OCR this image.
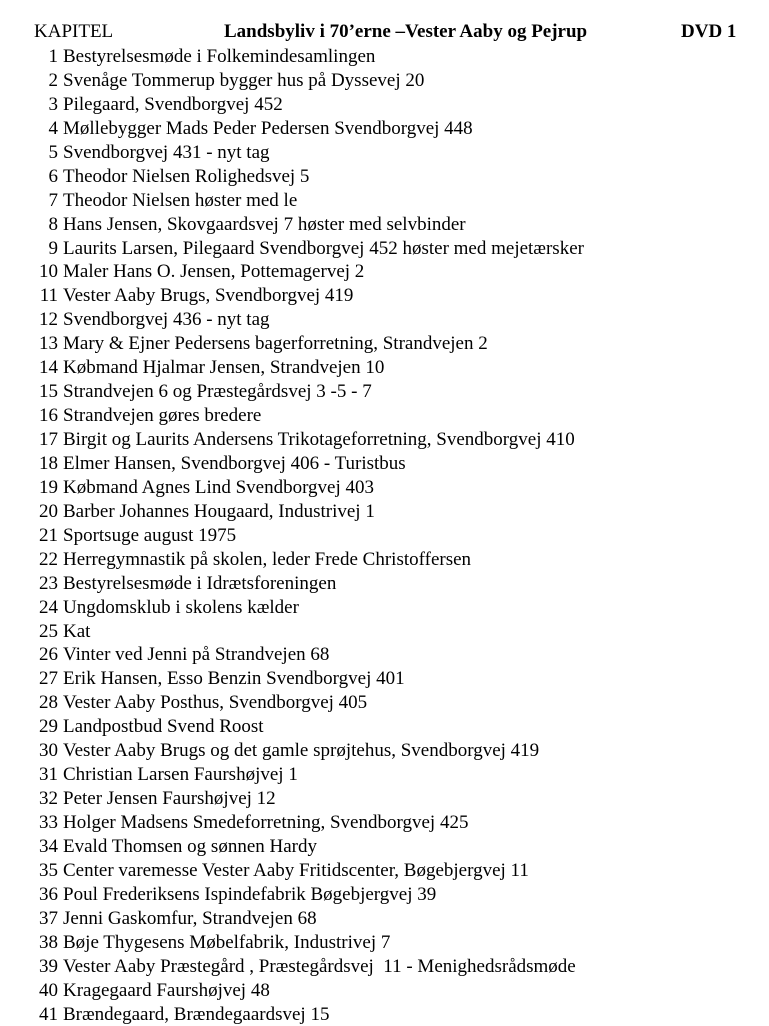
KAPITEL	Landsbyliv i 70’erne –Vester Aaby og Pejrup	DVD 1
1 Bestyrelsesmøde i Folkemindesamlingen
2 Svenåge Tommerup bygger hus på Dyssevej 20
3 Pilegaard, Svendborgvej 452
4 Møllebygger Mads Peder Pedersen Svendborgvej 448
5 Svendborgvej 431 - nyt tag
6 Theodor Nielsen Rolighedsvej 5
7 Theodor Nielsen høster med le
8 Hans Jensen, Skovgaardsvej 7 høster med selvbinder
9 Laurits Larsen, Pilegaard Svendborgvej 452 høster med mejetærsker
10 Maler Hans O. Jensen, Pottemagervej 2
11 Vester Aaby Brugs, Svendborgvej 419
12 Svendborgvej 436 - nyt tag
13 Mary & Ejner Pedersens bagerforretning, Strandvejen 2
14 Købmand Hjalmar Jensen, Strandvejen 10
15 Strandvejen 6 og Præstegårdsvej 3 -5 - 7
16 Strandvejen gøres bredere
17 Birgit og Laurits Andersens Trikotageforretning, Svendborgvej 410
18 Elmer Hansen, Svendborgvej 406 - Turistbus
19 Købmand Agnes Lind Svendborgvej 403
20 Barber Johannes Hougaard, Industrivej 1
21 Sportsuge august 1975
22 Herregymnastik på skolen, leder Frede Christoffersen
23 Bestyrelsesmøde i Idrætsforeningen
24 Ungdomsklub i skolens kælder
25 Kat
26 Vinter ved Jenni på Strandvejen 68
27 Erik Hansen, Esso Benzin Svendborgvej 401
28 Vester Aaby Posthus, Svendborgvej 405
29 Landpostbud Svend Roost
30 Vester Aaby Brugs og det gamle sprøjtehus, Svendborgvej 419
31 Christian Larsen Faurshøjvej 1
32 Peter Jensen Faurshøjvej 12
33 Holger Madsens Smedeforretning, Svendborgvej 425
34 Evald Thomsen og sønnen Hardy
35 Center varemesse Vester Aaby Fritidscenter, Bøgebjergvej 11
36 Poul Frederiksens Ispindefabrik Bøgebjergvej 39
37 Jenni Gaskomfur, Strandvejen 68
38 Bøje Thygesens Møbelfabrik, Industrivej 7
39 Vester Aaby Præstegård , Præstegårdsvej  11 - Menighedsrådsmøde
40 Kragegaard Faurshøjvej 48
41 Brændegaard, Brændegaardsvej 15
